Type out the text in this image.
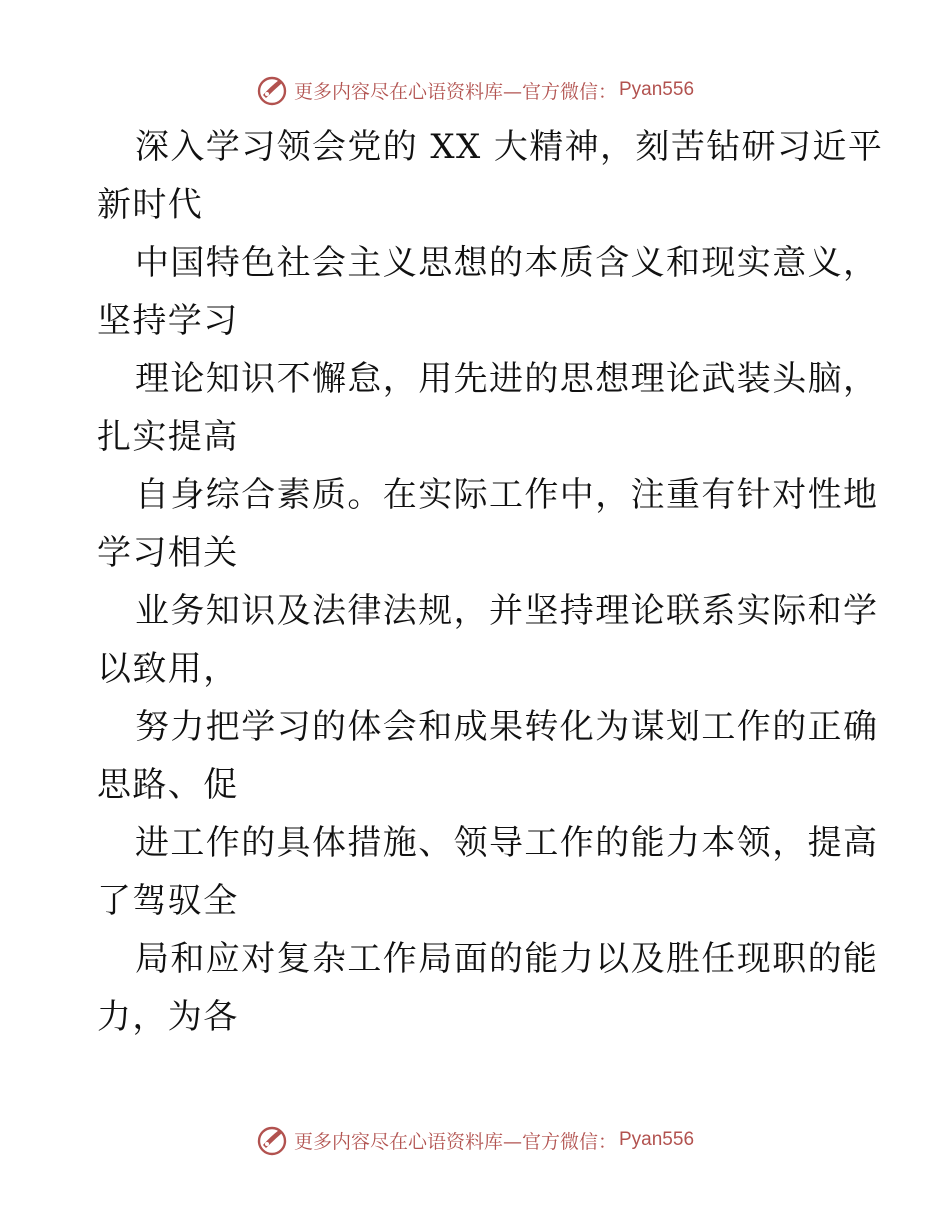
更多内容尽在心语资料库—官方微信： Pyan556
深入学习领会党的 XX 大精神，刻苦钻研习近平
新时代
中国特色社会主义思想的本质含义和现实意义，
坚持学习
理论知识不懈怠，用先进的思想理论武装头脑，
扎实提高
自身综合素质。在实际工作中，注重有针对性地
学习相关
业务知识及法律法规，并坚持理论联系实际和学
以致用，
努力把学习的体会和成果转化为谋划工作的正确
思路、促
进工作的具体措施、领导工作的能力本领，提高
了驾驭全
局和应对复杂工作局面的能力以及胜任现职的能
力，为各
更多内容尽在心语资料库—官方微信： Pyan556
